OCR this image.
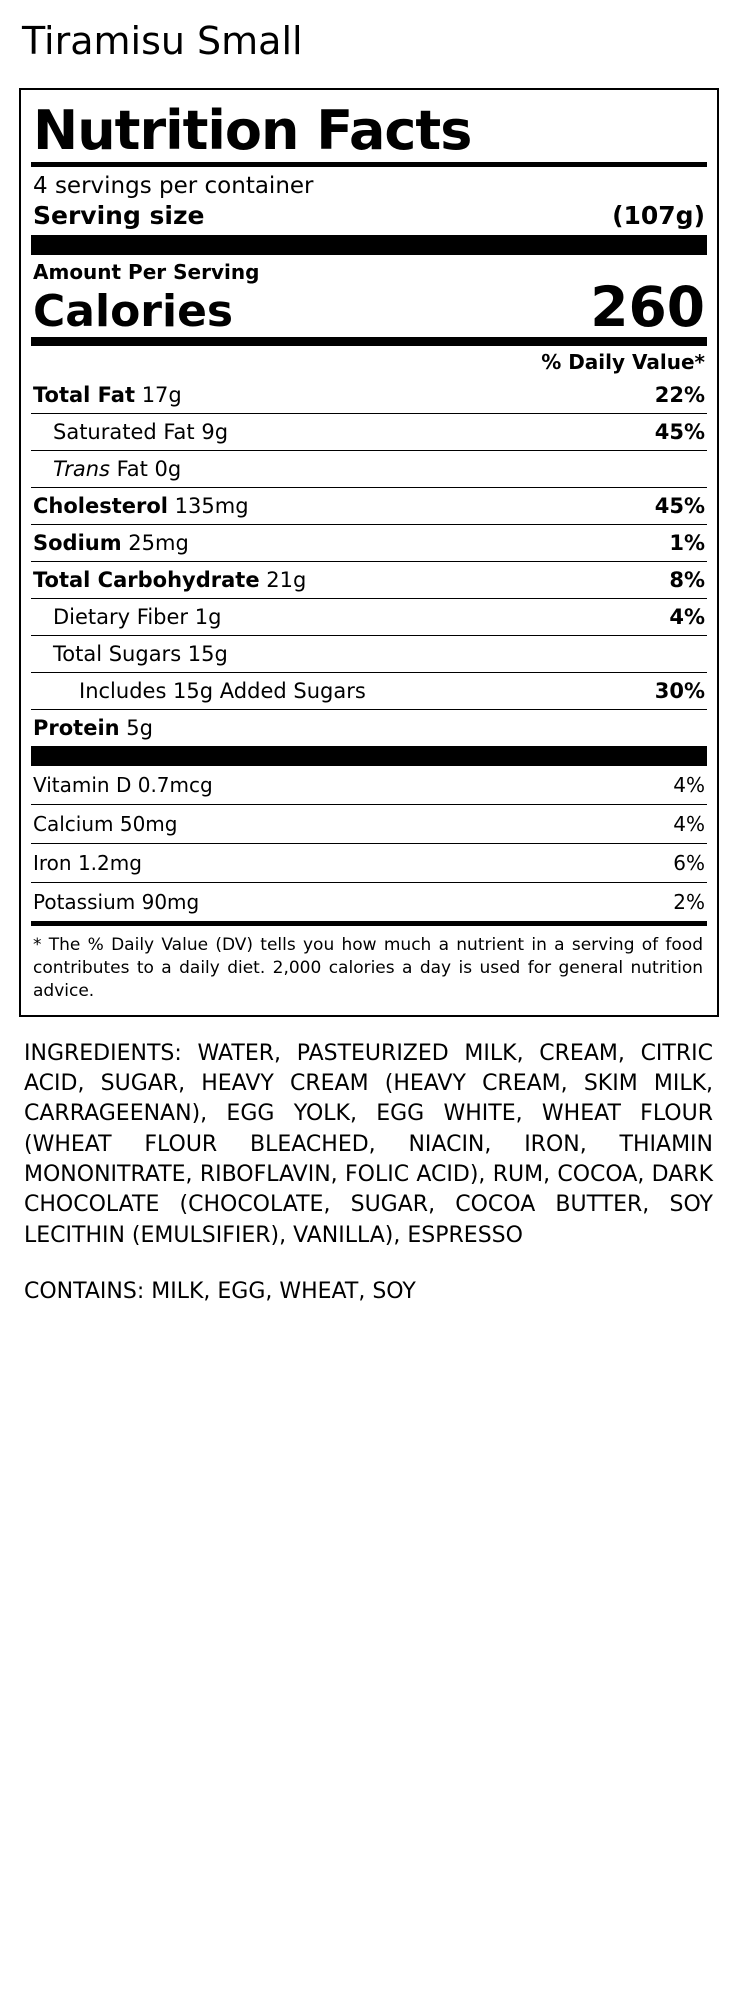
Tiramisu Small
Nutrition Facts
4 servings per container
Serving size	(107g)
Amount Per Serving
Calories	260
% Daily Value*
Total Fat 17g	22%
Saturated Fat 9g	45%
Trans Fat 0g
Cholesterol 135mg	45%
Sodium 25mg	1%
Total Carbohydrate 21g	8%
Dietary Fiber 1g	4%
Total Sugars 15g
Includes 15g Added Sugars	30%
Protein 5g
Vitamin D 0.7mcg	4%
Calcium 50mg	4%
Iron 1.2mg	6%
Potassium 90mg	2%
* The % Daily Value (DV) tells you how much a nutrient in a serving of food contributes to a daily diet. 2,000 calories a day is used for general nutrition advice.
INGREDIENTS: WATER, PASTEURIZED MILK, CREAM, CITRIC ACID, SUGAR, HEAVY CREAM (HEAVY CREAM, SKIM MILK, CARRAGEENAN), EGG YOLK, EGG WHITE, WHEAT FLOUR (WHEAT FLOUR BLEACHED, NIACIN, IRON, THIAMIN MONONITRATE, RIBOFLAVIN, FOLIC ACID), RUM, COCOA, DARK CHOCOLATE (CHOCOLATE, SUGAR, COCOA BUTTER, SOY LECITHIN (EMULSIFIER), VANILLA), ESPRESSO
CONTAINS: MILK, EGG, WHEAT, SOY
